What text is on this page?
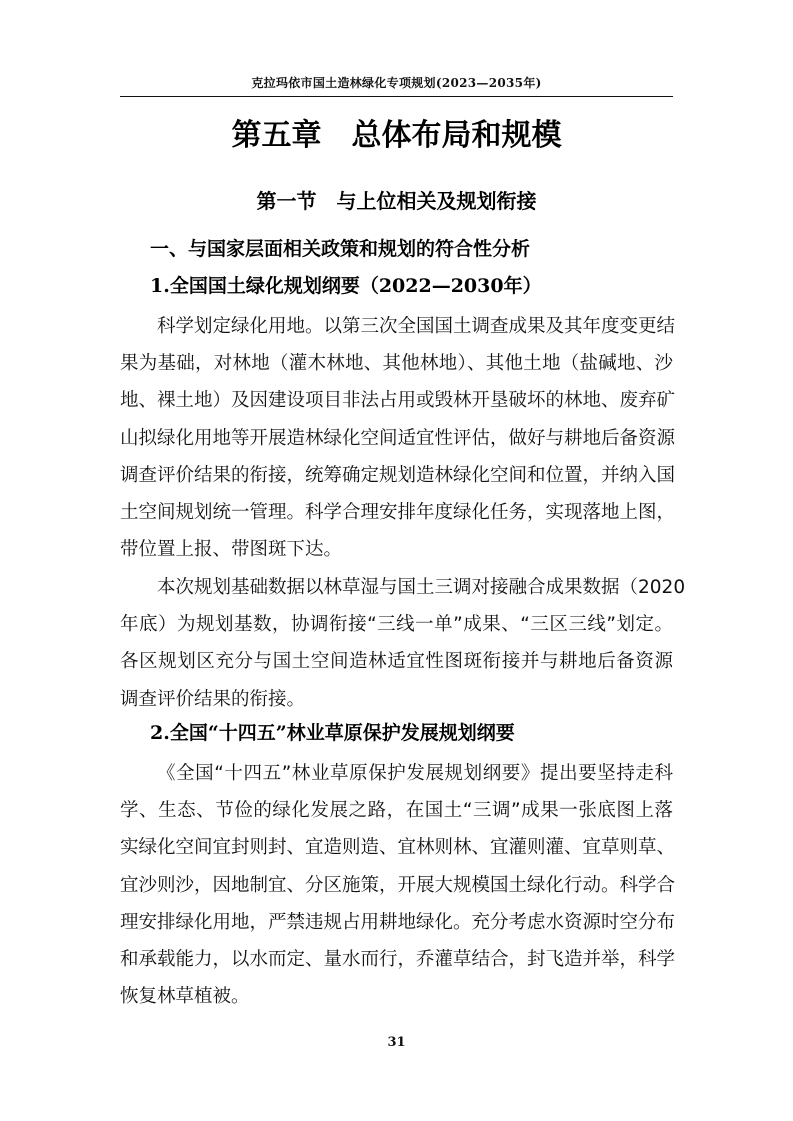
克拉玛依市国土造林绿化专项规划(2023—2035年)
第五章　总体布局和规模
第一节　与上位相关及规划衔接
一、与国家层面相关政策和规划的符合性分析
1.全国国土绿化规划纲要（2022—2030年）
科学划定绿化用地。以第三次全国国土调查成果及其年度变更结
果为基础，对林地（灌木林地、其他林地）、其他土地（盐碱地、沙
地、裸土地）及因建设项目非法占用或毁林开垦破坏的林地、废弃矿
山拟绿化用地等开展造林绿化空间适宜性评估，做好与耕地后备资源
调查评价结果的衔接，统筹确定规划造林绿化空间和位置，并纳入国
土空间规划统一管理。科学合理安排年度绿化任务，实现落地上图，
带位置上报、带图斑下达。
本次规划基础数据以林草湿与国土三调对接融合成果数据（2020
年底）为规划基数，协调衔接“三线一单”成果、“三区三线”划定。
各区规划区充分与国土空间造林适宜性图斑衔接并与耕地后备资源
调查评价结果的衔接。
2.全国“十四五”林业草原保护发展规划纲要
《全国“十四五”林业草原保护发展规划纲要》提出要坚持走科
学、生态、节俭的绿化发展之路，在国土“三调”成果一张底图上落
实绿化空间宜封则封、宜造则造、宜林则林、宜灌则灌、宜草则草、
宜沙则沙，因地制宜、分区施策，开展大规模国土绿化行动。科学合
理安排绿化用地，严禁违规占用耕地绿化。充分考虑水资源时空分布
和承载能力，以水而定、量水而行，乔灌草结合，封飞造并举，科学
恢复林草植被。
31
